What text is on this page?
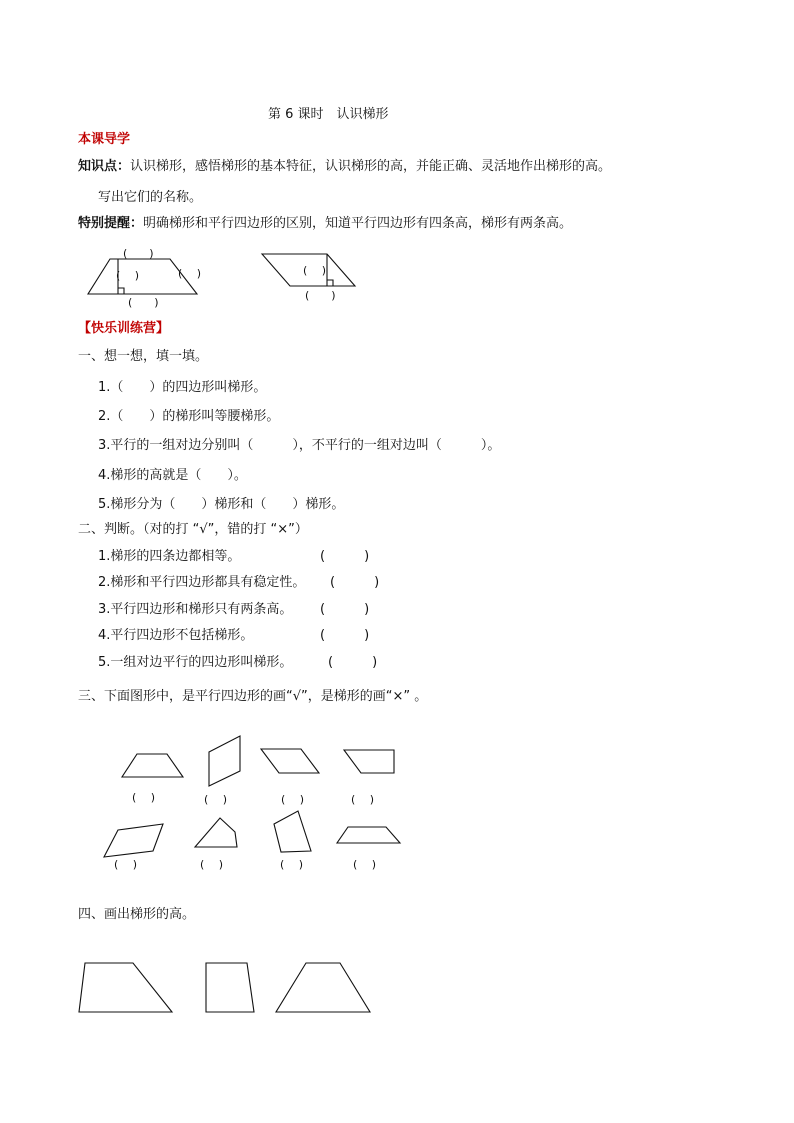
第 6 课时　认识梯形
本课导学
知识点：认识梯形，感悟梯形的基本特征，认识梯形的高，并能正确、灵活地作出梯形的高。
写出它们的名称。
特别提醒：明确梯形和平行四边形的区别，知道平行四边形有四条高，梯形有两条高。
(　　)
(　 )	(　 )
(　　)
(　 )
(　　)
【快乐训练营】
一、想一想，填一填。
1.（　　）的四边形叫梯形。
2.（　　）的梯形叫等腰梯形。
3.平行的一组对边分别叫（　　　），不平行的一组对边叫（　　　）。
4.梯形的高就是（　　）。
5.梯形分为（　　）梯形和（　　）梯形。
二、判断。（对的打 “√”，错的打 “×”）
1.梯形的四条边都相等。	(　　　)
2.梯形和平行四边形都具有稳定性。 (　　　)
3.平行四边形和梯形只有两条高。 (　　　)
4.平行四边形不包括梯形。	(　　　)
5.一组对边平行的四边形叫梯形。	(　　　)
三、下面图形中，是平行四边形的画“√”，是梯形的画“×” 。
(　 )	(　 )	(　 )	(　 )
(　 )	(　 )	(　 )	(　 )
四、画出梯形的高。
